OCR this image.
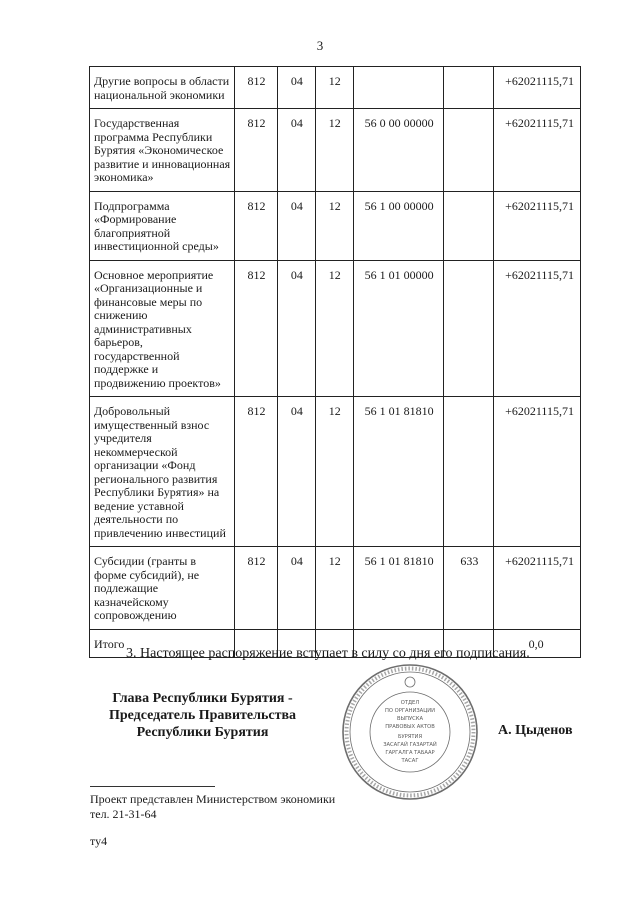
3
Другие вопросы в области национальной экономики	812	04	12			+62021115,71
Государственная программа Республики Бурятия «Экономическое развитие и инновационная экономика»	812	04	12	56 0 00 00000		+62021115,71
Подпрограмма «Формирование благоприятной инвестиционной среды»	812	04	12	56 1 00 00000		+62021115,71
Основное мероприятие «Организационные и финансовые меры по снижению административных барьеров, государственной поддержке и продвижению проектов»	812	04	12	56 1 01 00000		+62021115,71
Добровольный имущественный взнос учредителя некоммерческой организации «Фонд регионального развития Республики Бурятия» на ведение уставной деятельности по привлечению инвестиций	812	04	12	56 1 01 81810		+62021115,71
Субсидии (гранты в форме субсидий), не подлежащие казначейскому сопровождению	812	04	12	56 1 01 81810	633	+62021115,71
Итого						0,0
3. Настоящее распоряжение вступает в силу со дня его подписания.
Глава Республики Бурятия -
Председатель Правительства
Республики Бурятия
ОТДЕЛ
ПО ОРГАНИЗАЦИИ
ВЫПУСКА
ПРАВОВЫХ АКТОВ
БУРЯТИЯ
ЗАСАГАЙ ГАЗАРТАЙ
ГАРГАЛГА ТАБААР
ТАСАГ
А. Цыденов
Проект представлен Министерством экономики
тел. 21-31-64
ту4
